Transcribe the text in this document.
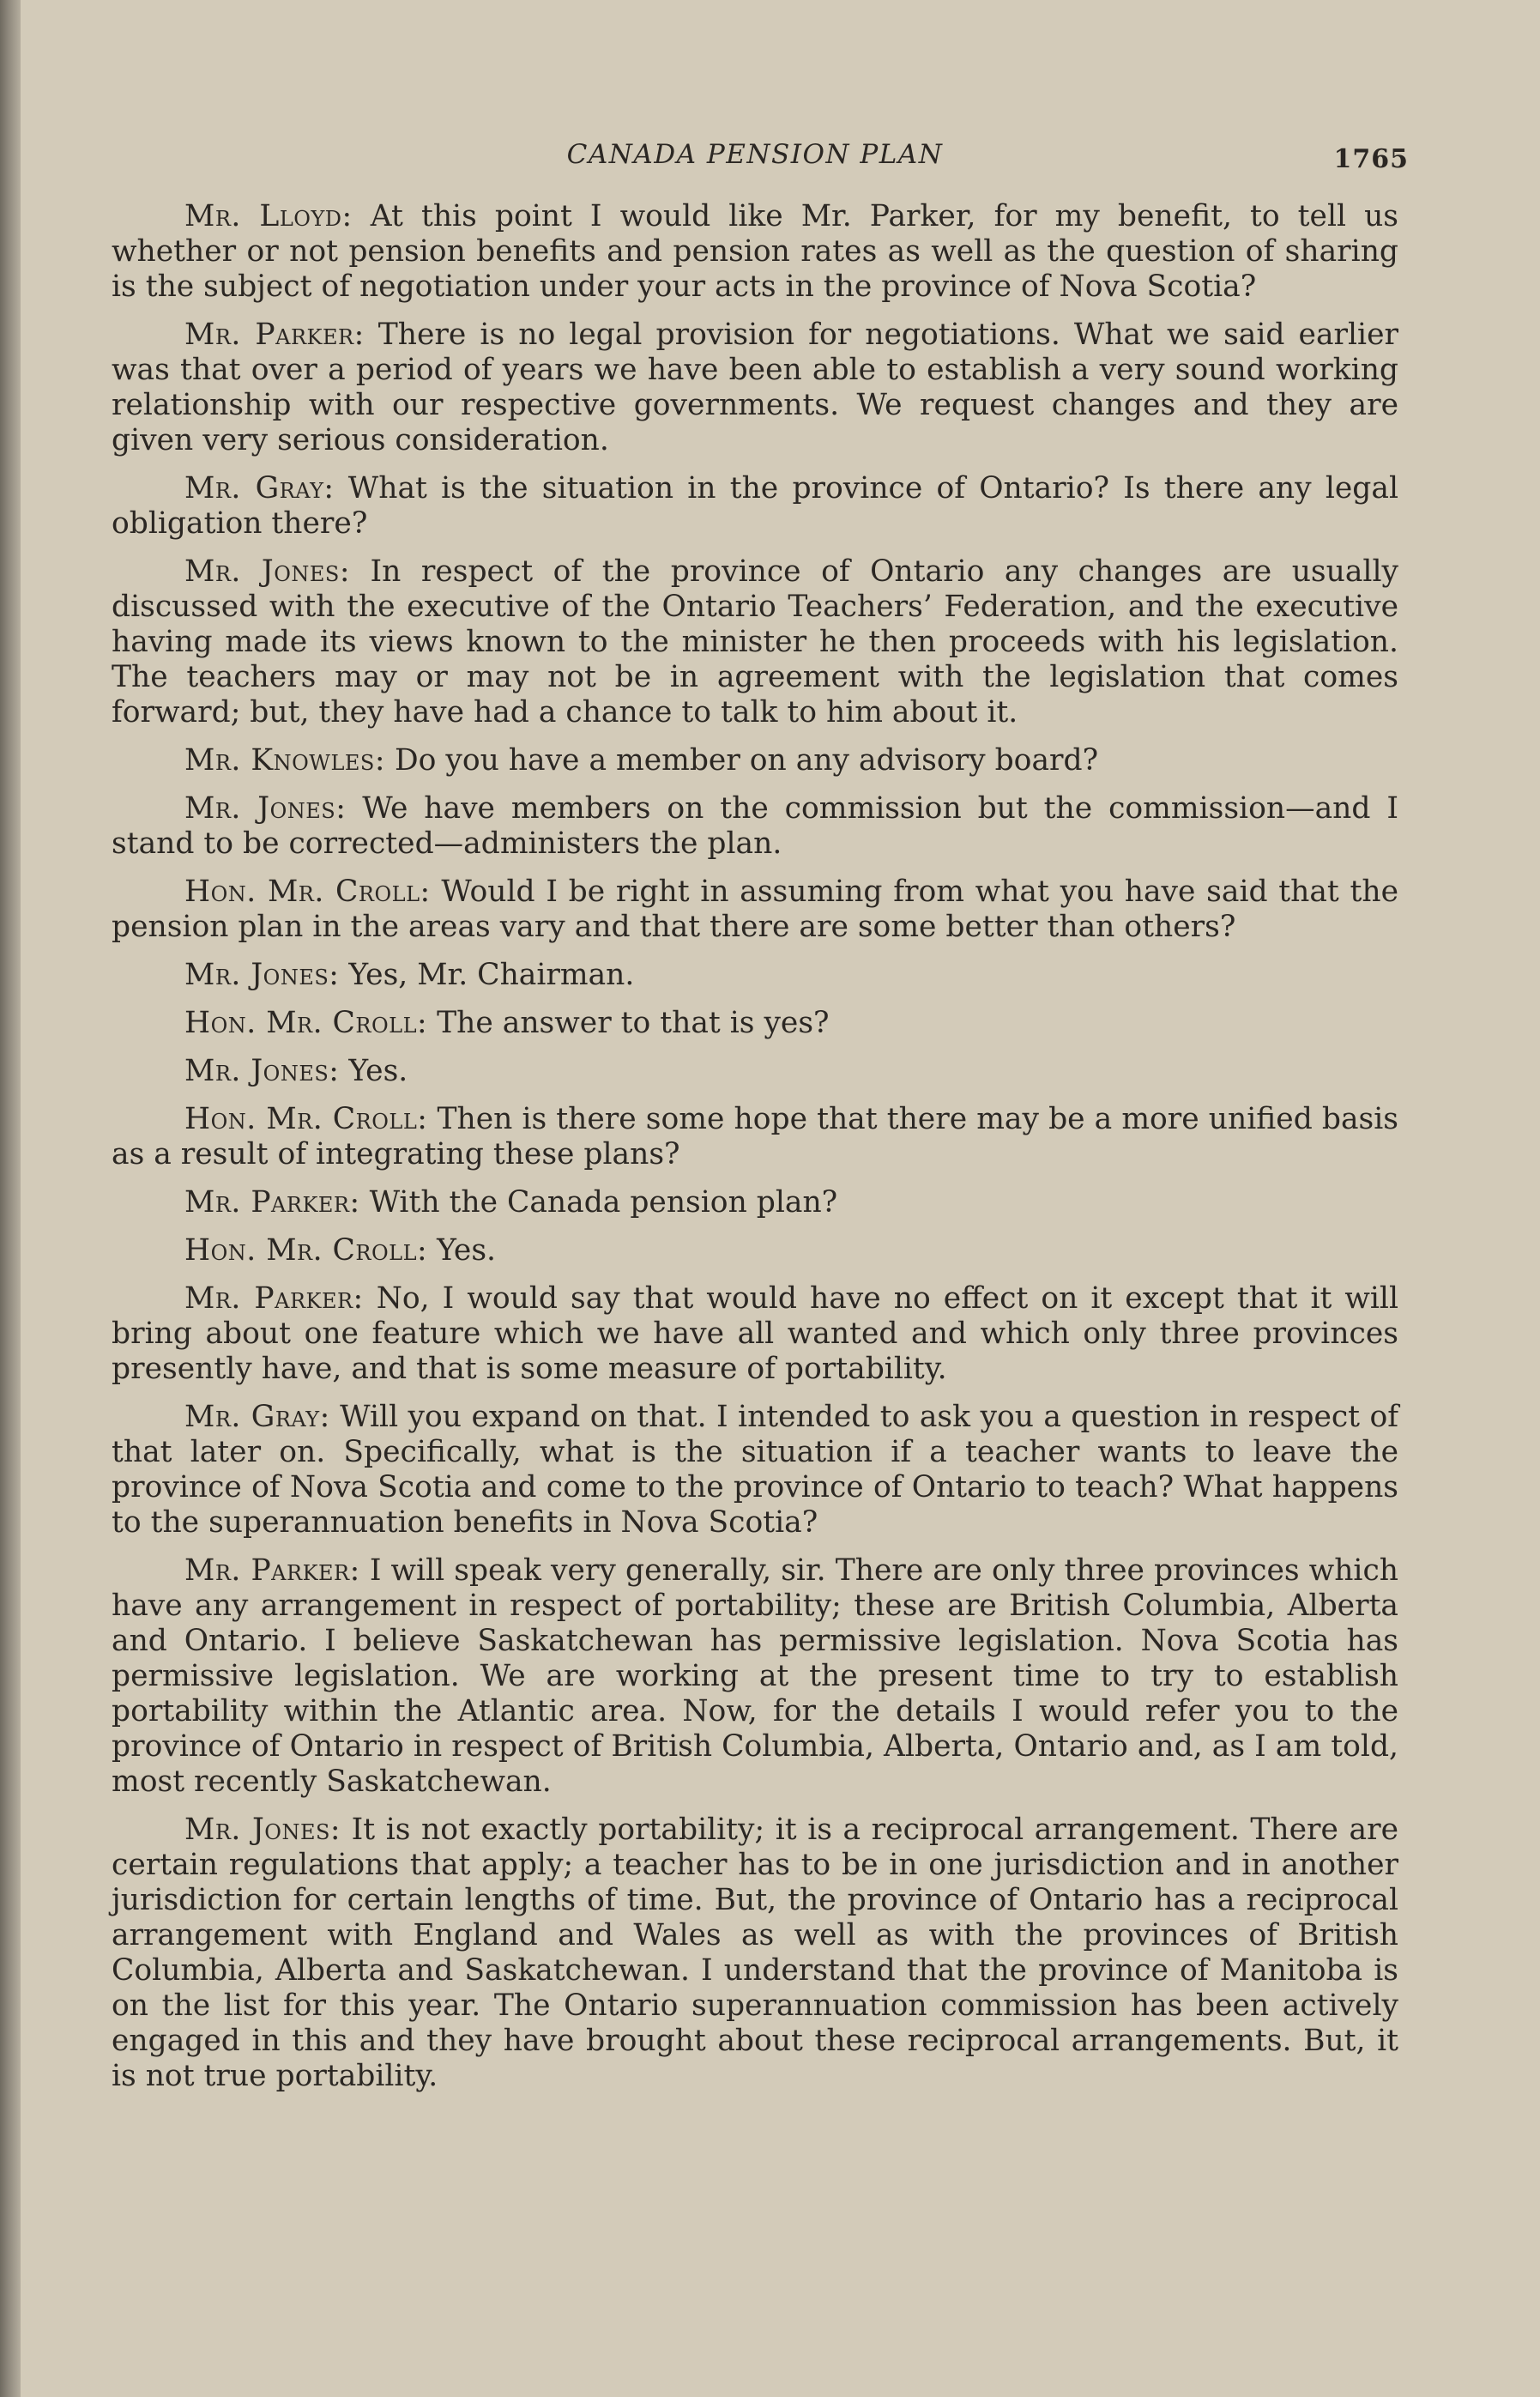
CANADA PENSION PLAN	1765

Mr. Lloyd: At this point I would like Mr. Parker, for my benefit, to tell us whether or not pension benefits and pension rates as well as the question of sharing is the subject of negotiation under your acts in the province of Nova Scotia?

Mr. Parker: There is no legal provision for negotiations. What we said earlier was that over a period of years we have been able to establish a very sound working relationship with our respective governments. We request changes and they are given very serious consideration.

Mr. Gray: What is the situation in the province of Ontario? Is there any legal obligation there?

Mr. Jones: In respect of the province of Ontario any changes are usually discussed with the executive of the Ontario Teachers’ Federation, and the executive having made its views known to the minister he then proceeds with his legislation. The teachers may or may not be in agreement with the legislation that comes forward; but, they have had a chance to talk to him about it.

Mr. Knowles: Do you have a member on any advisory board?

Mr. Jones: We have members on the commission but the commission—and I stand to be corrected—administers the plan.

Hon. Mr. Croll: Would I be right in assuming from what you have said that the pension plan in the areas vary and that there are some better than others?

Mr. Jones: Yes, Mr. Chairman.

Hon. Mr. Croll: The answer to that is yes?

Mr. Jones: Yes.

Hon. Mr. Croll: Then is there some hope that there may be a more unified basis as a result of integrating these plans?

Mr. Parker: With the Canada pension plan?

Hon. Mr. Croll: Yes.

Mr. Parker: No, I would say that would have no effect on it except that it will bring about one feature which we have all wanted and which only three provinces presently have, and that is some measure of portability.

Mr. Gray: Will you expand on that. I intended to ask you a question in respect of that later on. Specifically, what is the situation if a teacher wants to leave the province of Nova Scotia and come to the province of Ontario to teach? What happens to the superannuation benefits in Nova Scotia?

Mr. Parker: I will speak very generally, sir. There are only three provinces which have any arrangement in respect of portability; these are British Columbia, Alberta and Ontario. I believe Saskatchewan has permissive legislation. Nova Scotia has permissive legislation. We are working at the present time to try to establish portability within the Atlantic area. Now, for the details I would refer you to the province of Ontario in respect of British Columbia, Alberta, Ontario and, as I am told, most recently Saskatchewan.

Mr. Jones: It is not exactly portability; it is a reciprocal arrangement. There are certain regulations that apply; a teacher has to be in one jurisdiction and in another jurisdiction for certain lengths of time. But, the province of Ontario has a reciprocal arrangement with England and Wales as well as with the provinces of British Columbia, Alberta and Saskatchewan. I understand that the province of Manitoba is on the list for this year. The Ontario superannuation commission has been actively engaged in this and they have brought about these reciprocal arrangements. But, it is not true portability.
